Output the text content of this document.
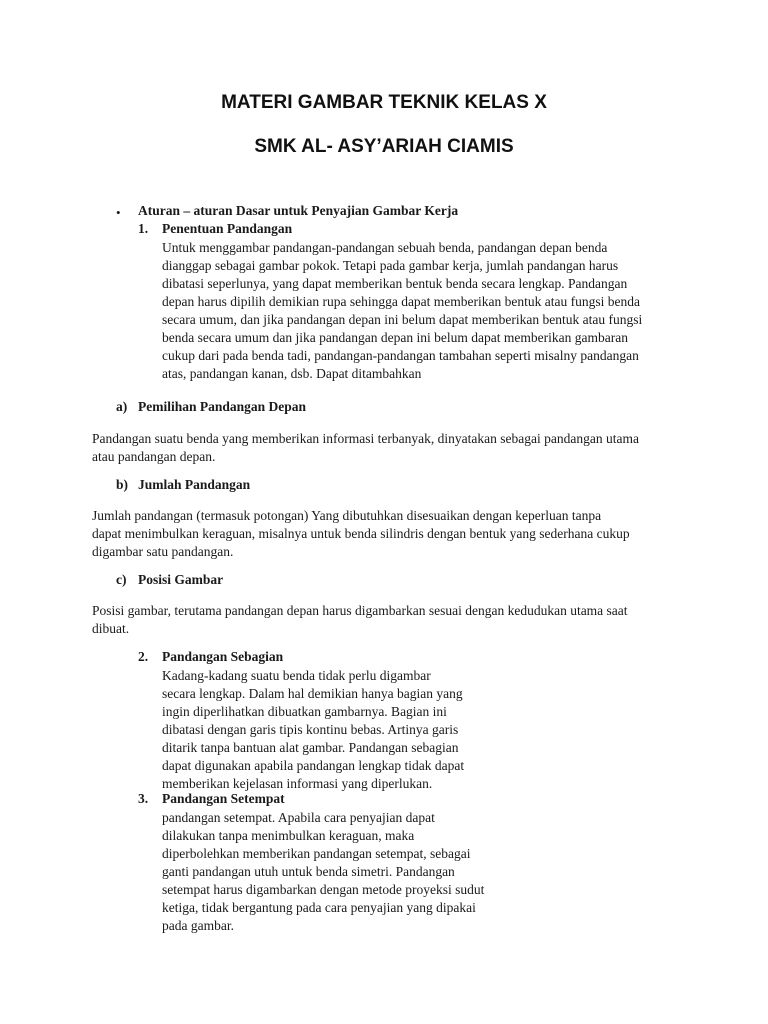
MATERI GAMBAR TEKNIK KELAS X
SMK AL- ASY’ARIAH CIAMIS
• Aturan – aturan Dasar untuk Penyajian Gambar Kerja
1. Penentuan Pandangan
Untuk menggambar pandangan-pandangan sebuah benda, pandangan depan benda
dianggap sebagai gambar pokok. Tetapi pada gambar kerja, jumlah pandangan harus
dibatasi seperlunya, yang dapat memberikan bentuk benda secara lengkap. Pandangan
depan harus dipilih demikian rupa sehingga dapat memberikan bentuk atau fungsi benda
secara umum, dan jika pandangan depan ini belum dapat memberikan bentuk atau fungsi
benda secara umum dan jika pandangan depan ini belum dapat memberikan gambaran
cukup dari pada benda tadi, pandangan-pandangan tambahan seperti misalny pandangan
atas, pandangan kanan, dsb. Dapat ditambahkan
a) Pemilihan Pandangan Depan
Pandangan suatu benda yang memberikan informasi terbanyak, dinyatakan sebagai pandangan utama
atau pandangan depan.
b) Jumlah Pandangan
Jumlah pandangan (termasuk potongan) Yang dibutuhkan disesuaikan dengan keperluan tanpa
dapat menimbulkan keraguan, misalnya untuk benda silindris dengan bentuk yang sederhana cukup
digambar satu pandangan.
c) Posisi Gambar
Posisi gambar, terutama pandangan depan harus digambarkan sesuai dengan kedudukan utama saat
dibuat.
2. Pandangan Sebagian
Kadang-kadang suatu benda tidak perlu digambar
secara lengkap. Dalam hal demikian hanya bagian yang
ingin diperlihatkan dibuatkan gambarnya. Bagian ini
dibatasi dengan garis tipis kontinu bebas. Artinya garis
ditarik tanpa bantuan alat gambar. Pandangan sebagian
dapat digunakan apabila pandangan lengkap tidak dapat
memberikan kejelasan informasi yang diperlukan.
3. Pandangan Setempat
pandangan setempat. Apabila cara penyajian dapat
dilakukan tanpa menimbulkan keraguan, maka
diperbolehkan memberikan pandangan setempat, sebagai
ganti pandangan utuh untuk benda simetri. Pandangan
setempat harus digambarkan dengan metode proyeksi sudut
ketiga, tidak bergantung pada cara penyajian yang dipakai
pada gambar.
